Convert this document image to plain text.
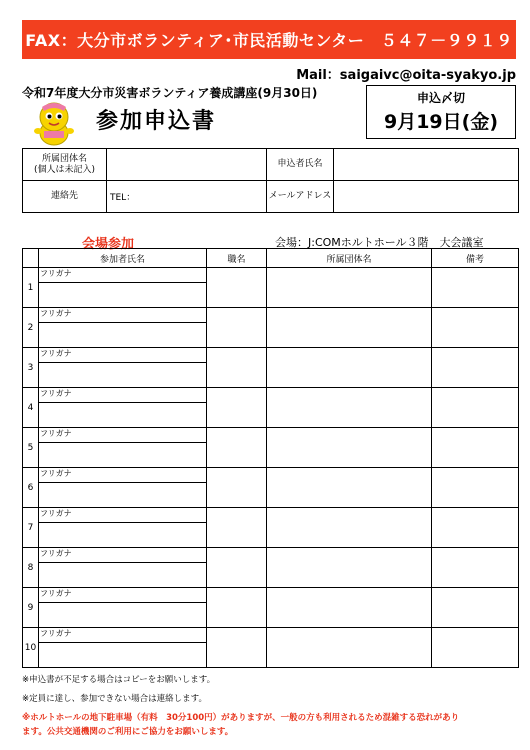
FAX：大分市ボランティア･市民活動センター　５４７－９９１９
Mail：saigaivc@oita-syakyo.jp
令和7年度大分市災害ボランティア養成講座(9月30日)
参加申込書
申込〆切
9月19日(金)
所属団体名
(個人は未記入)		申込者氏名	
連絡先	TEL：	メールアドレス	
会場参加	会場：J:COMホルトホール３階　大会議室
	参加者氏名	職名	所属団体名	備考
1	フリガナ			

2	フリガナ			

3	フリガナ			

4	フリガナ			

5	フリガナ			

6	フリガナ			

7	フリガナ			

8	フリガナ			

9	フリガナ			

10	フリガナ			

※申込書が不足する場合はコピーをお願いします。
※定員に達し、参加できない場合は連絡します。
※ホルトホールの地下駐車場（有料　30分100円）がありますが、一般の方も利用されるため混雑する恐れがあり
ます。公共交通機関のご利用にご協力をお願いします。
